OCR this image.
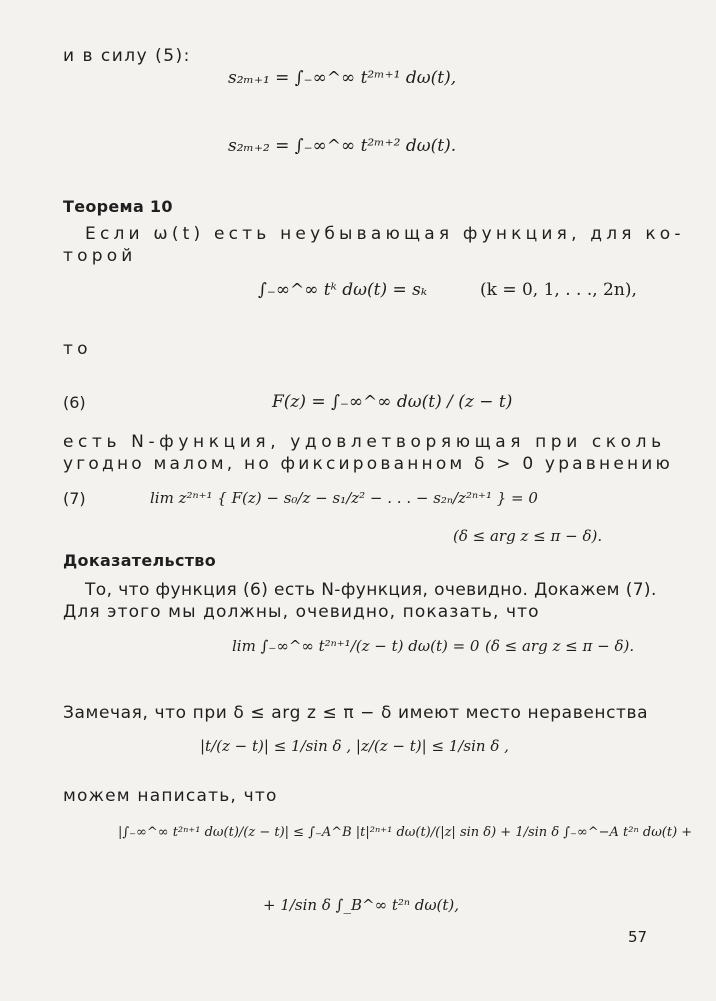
и в силу (5):
s₂ₘ₊₁ = ∫₋∞^∞ t²ᵐ⁺¹ dω(t),
s₂ₘ₊₂ = ∫₋∞^∞ t²ᵐ⁺² dω(t).
Теорема 10
Если ω(t) есть неубывающая функция, для ко-
торой
∫₋∞^∞ tᵏ dω(t) = sₖ	(k = 0, 1, . . ., 2n),
то
(6)	F(z) = ∫₋∞^∞ dω(t) / (z − t)
есть N-функция, удовлетворяющая при сколь
угодно малом, но фиксированном δ > 0 уравнению
(7)	lim z²ⁿ⁺¹ { F(z) − s₀/z − s₁/z² − . . . − s₂ₙ/z²ⁿ⁺¹ } = 0
(δ ≤ arg z ≤ π − δ).
Доказательство
То, что функция (6) есть N-функция, очевидно. Докажем (7).
Для этого мы должны, очевидно, показать, что
lim ∫₋∞^∞ t²ⁿ⁺¹/(z − t) dω(t) = 0 (δ ≤ arg z ≤ π − δ).
Замечая, что при δ ≤ arg z ≤ π − δ имеют место неравенства
|t/(z − t)| ≤ 1/sin δ , |z/(z − t)| ≤ 1/sin δ ,
можем написать, что
|∫₋∞^∞ t²ⁿ⁺¹ dω(t)/(z − t)| ≤ ∫₋A^B |t|²ⁿ⁺¹ dω(t)/(|z| sin δ) + 1/sin δ ∫₋∞^−A t²ⁿ dω(t) +
+ 1/sin δ ∫_B^∞ t²ⁿ dω(t),
57
